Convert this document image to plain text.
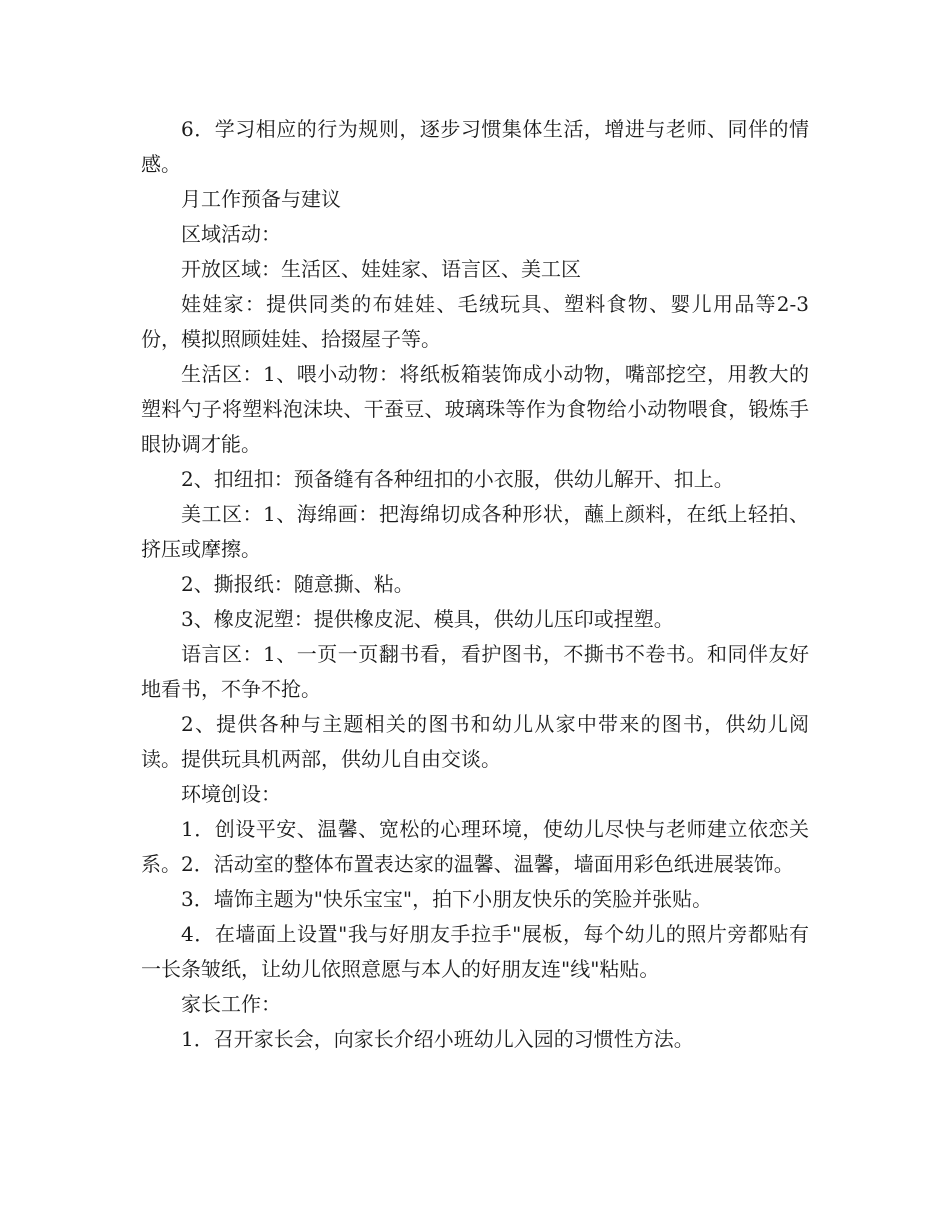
6．学习相应的行为规则，逐步习惯集体生活，增进与老师、同伴的情感。

月工作预备与建议

区域活动：

开放区域：生活区、娃娃家、语言区、美工区

娃娃家：提供同类的布娃娃、毛绒玩具、塑料食物、婴儿用品等2-3份，模拟照顾娃娃、拾掇屋子等。

生活区：1、喂小动物：将纸板箱装饰成小动物，嘴部挖空，用教大的塑料勺子将塑料泡沫块、干蚕豆、玻璃珠等作为食物给小动物喂食，锻炼手眼协调才能。

2、扣纽扣：预备缝有各种纽扣的小衣服，供幼儿解开、扣上。

美工区：1、海绵画：把海绵切成各种形状，蘸上颜料，在纸上轻拍、挤压或摩擦。

2、撕报纸：随意撕、粘。

3、橡皮泥塑：提供橡皮泥、模具，供幼儿压印或捏塑。

语言区：1、一页一页翻书看，看护图书，不撕书不卷书。和同伴友好地看书，不争不抢。

2、提供各种与主题相关的图书和幼儿从家中带来的图书，供幼儿阅读。提供玩具机两部，供幼儿自由交谈。

环境创设：

1．创设平安、温馨、宽松的心理环境，使幼儿尽快与老师建立依恋关系。2．活动室的整体布置表达家的温馨、温馨，墙面用彩色纸进展装饰。

3．墙饰主题为"快乐宝宝"，拍下小朋友快乐的笑脸并张贴。

4．在墙面上设置"我与好朋友手拉手"展板，每个幼儿的照片旁都贴有一长条皱纸，让幼儿依照意愿与本人的好朋友连"线"粘贴。

家长工作：

1．召开家长会，向家长介绍小班幼儿入园的习惯性方法。
